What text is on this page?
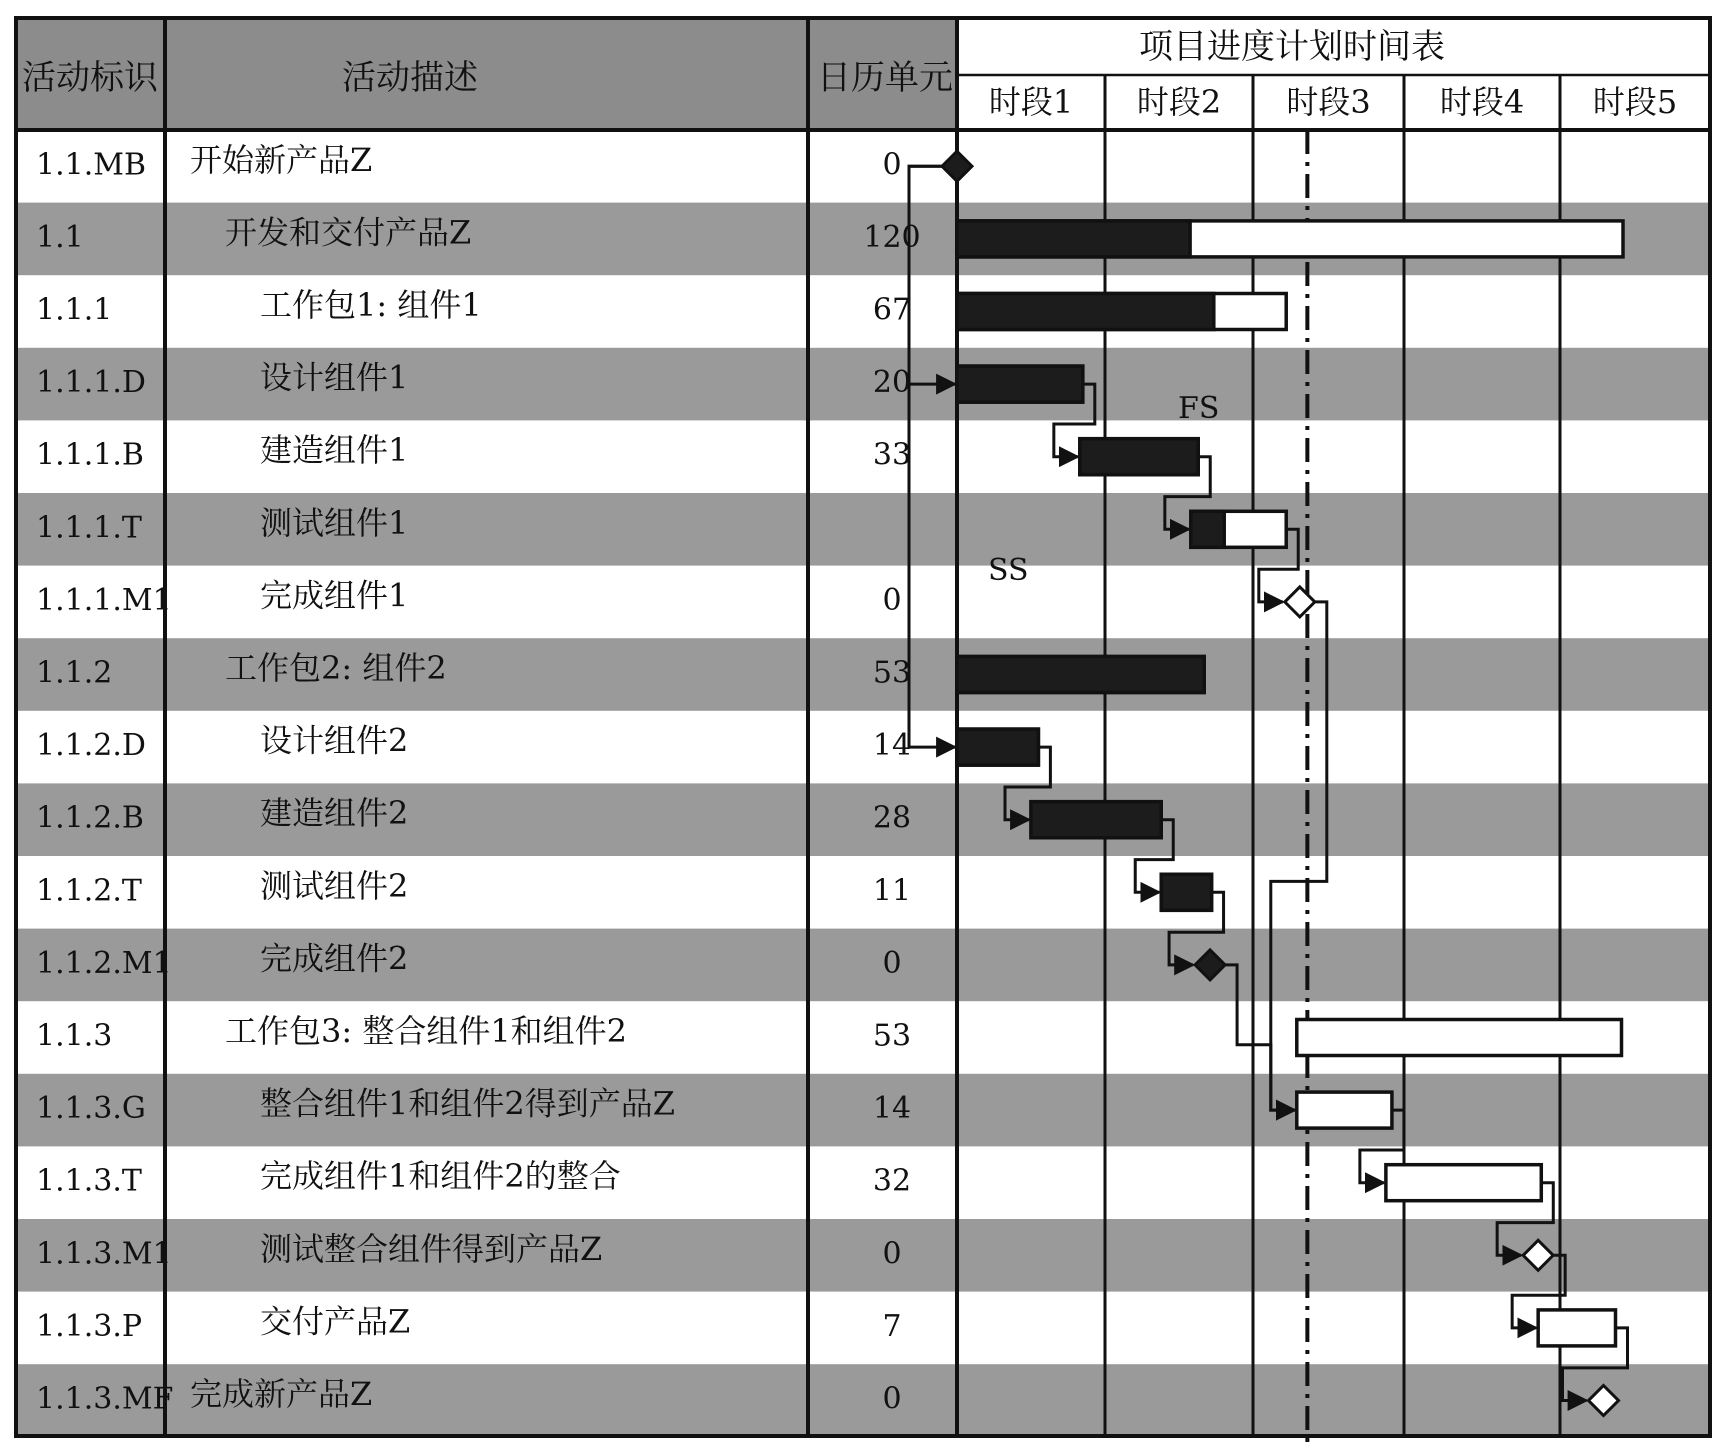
活动标识	活动描述	日历单元
项目进度计划时间表
时段1 时段2 时段3 时段4 时段5
1.1.MB 开始新产品Z	0
1.1	开发和交付产品Z	120
1.1.1	工作包1: 组件1	67
1.1.1.D	设计组件1	20
1.1.1.B	建造组件1	33
1.1.1.T	测试组件1
1.1.1.M1	完成组件1	0
1.1.2	工作包2: 组件2	53
1.1.2.D	设计组件2	14
1.1.2.B	建造组件2	28
1.1.2.T	测试组件2	11
1.1.2.M1	完成组件2	0
1.1.3	工作包3: 整合组件1和组件2	53
1.1.3.G	整合组件1和组件2得到产品Z	14
1.1.3.T	完成组件1和组件2的整合	32
1.1.3.M1	测试整合组件得到产品Z	0
1.1.3.P	交付产品Z	7
1.1.3.MF 完成新产品Z	0
FS
SS
